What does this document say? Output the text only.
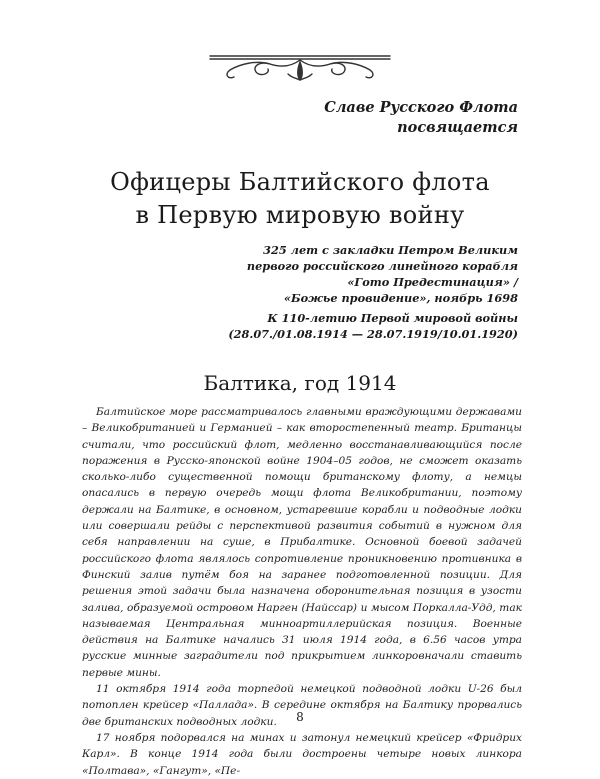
Славе Русского Флота
посвящается
Офицеры Балтийского флота
в Первую мировую войну
325 лет с закладки Петром Великим
первого российского линейного корабля
«Гото Предестинация» /
«Божье провидение», ноябрь 1698
К 110-летию Первой мировой войны
(28.07./01.08.1914 — 28.07.1919/10.01.1920)
Балтика, год 1914

Балтийское море рассматривалось главными враждующими державами – Великобританией и Германией – как второстепенный театр. Британцы считали, что российский флот, медленно восстанавливающийся после поражения в Русско-японской войне 1904–05 годов, не сможет оказать сколько-либо существенной помощи британскому флоту, а немцы опасались в первую очередь мощи флота Великобритании, поэтому держали на Балтике, в основном, устаревшие корабли и подводные лодки или совершали рейды с перспективой развития событий в нужном для себя направлении на суше, в Прибалтике. Основной боевой задачей российского флота являлось сопротивление проникновению противника в Финский залив путём боя на заранее подготовленной позиции. Для решения этой задачи была назначена оборонительная позиция в узости залива, образуемой островом Нарген (Найссар) и мысом Поркалла-Удд, так называемая Центральная минноартиллерийская позиция. Военные действия на Балтике начались 31 июля 1914 года, в 6.56 часов утра русские минные заградители под прикрытием линкоровначали ставить первые мины.

11 октября 1914 года торпедой немецкой подводной лодки U-26 был потоплен крейсер «Паллада». В середине октября на Балтику прорвались две британских подводных лодки.

17 ноября подорвался на минах и затонул немецкий крейсер «Фридрих Карл». В конце 1914 года были достроены четыре новых линкора «Полтава», «Гангут», «Пе-

8
